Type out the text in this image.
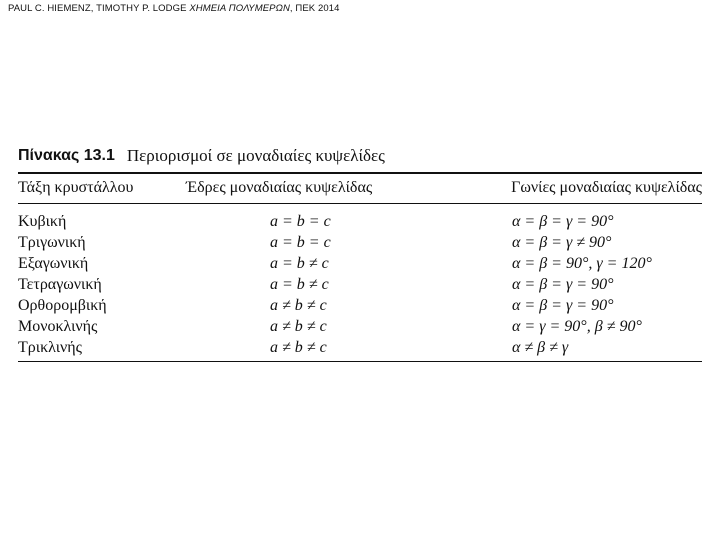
PAUL C. HIEMENZ, TIMOTHY P. LODGE ΧΗΜΕΙΑ ΠΟΛΥΜΕΡΩΝ, ΠΕΚ 2014
Πίνακας 13.1 Περιορισμοί σε μοναδιαίες κυψελίδες
Τάξη κρυστάλλου	Έδρες μοναδιαίας κυψελίδας	Γωνίες μοναδιαίας κυψελίδας
Κυβική	a = b = c	α = β = γ = 90°
Τριγωνική	a = b = c	α = β = γ ≠ 90°
Εξαγωνική	a = b ≠ c	α = β = 90°, γ = 120°
Τετραγωνική	a = b ≠ c	α = β = γ = 90°
Ορθορομβική	a ≠ b ≠ c	α = β = γ = 90°
Μονοκλινής	a ≠ b ≠ c	α = γ = 90°, β ≠ 90°
Τρικλινής	a ≠ b ≠ c	α ≠ β ≠ γ
